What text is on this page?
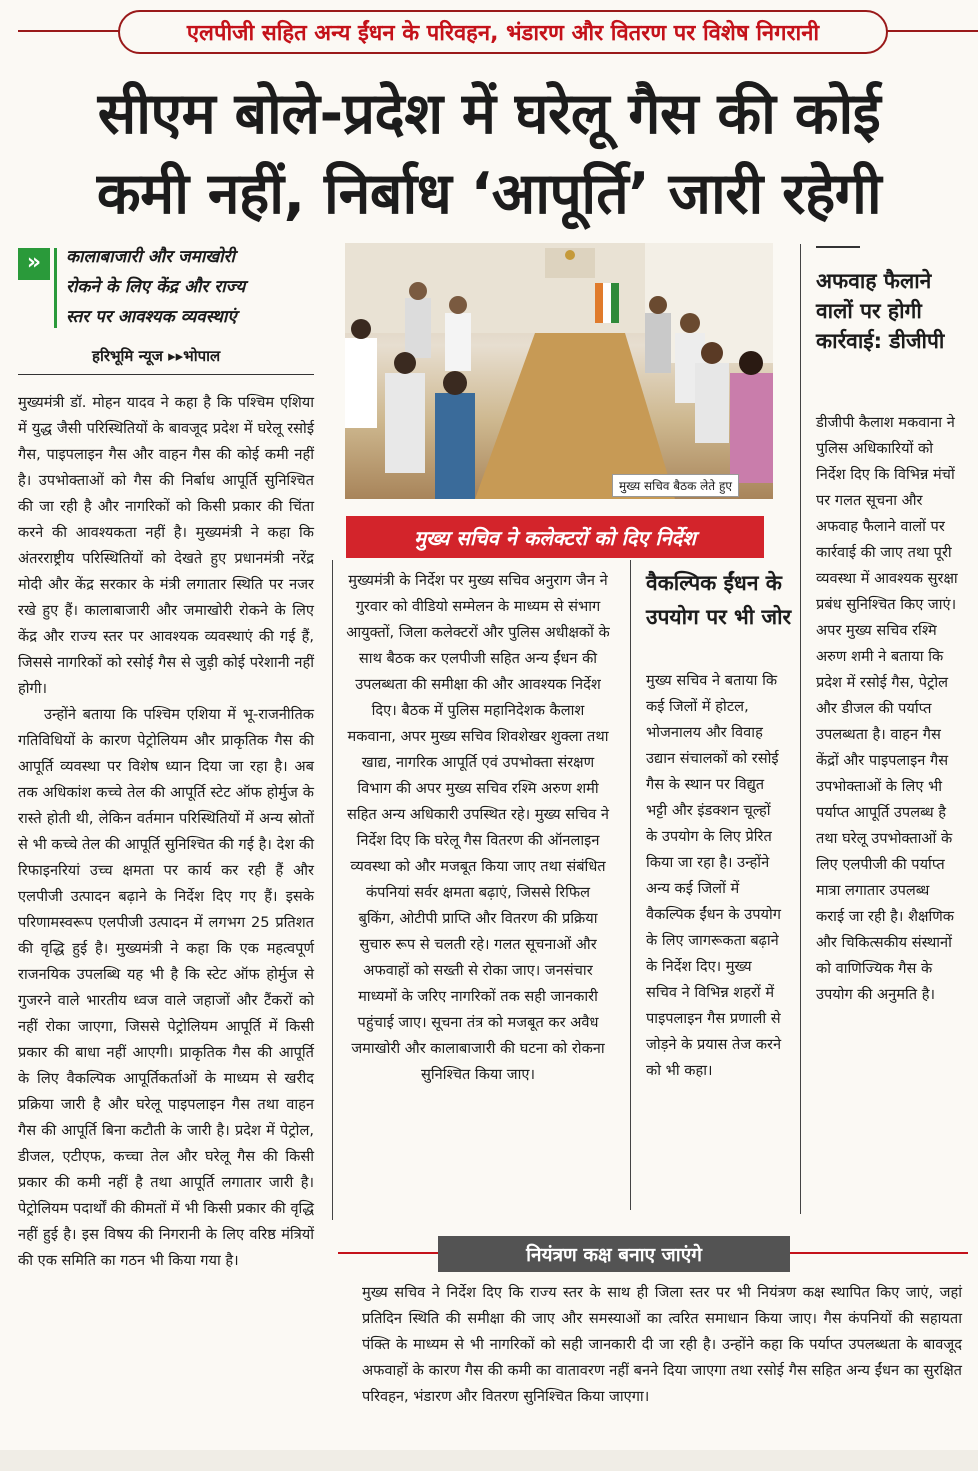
एलपीजी सहित अन्य ईंधन के परिवहन, भंडारण और वितरण पर विशेष निगरानी
सीएम बोले-प्रदेश में घरेलू गैस की कोई
कमी नहीं, निर्बाध ‘आपूर्ति’ जारी रहेगी
»	कालाबाजारी और जमाखोरी
रोकने के लिए केंद्र और राज्य
स्तर पर आवश्यक व्यवस्थाएं
हरिभूमि न्यूज ▸▸भोपाल
मुख्यमंत्री डॉ. मोहन यादव ने कहा है कि पश्चिम एशिया में युद्ध जैसी परिस्थितियों के बावजूद प्रदेश में घरेलू रसोई गैस, पाइपलाइन गैस और वाहन गैस की कोई कमी नहीं है। उपभोक्ताओं को गैस की निर्बाध आपूर्ति सुनिश्चित की जा रही है और नागरिकों को किसी प्रकार की चिंता करने की आवश्यकता नहीं है। मुख्यमंत्री ने कहा कि अंतरराष्ट्रीय परिस्थितियों को देखते हुए प्रधानमंत्री नरेंद्र मोदी और केंद्र सरकार के मंत्री लगातार स्थिति पर नजर रखे हुए हैं। कालाबाजारी और जमाखोरी रोकने के लिए केंद्र और राज्य स्तर पर आवश्यक व्यवस्थाएं की गई हैं, जिससे नागरिकों को रसोई गैस से जुड़ी कोई परेशानी नहीं होगी।
उन्होंने बताया कि पश्चिम एशिया में भू-राजनीतिक गतिविधियों के कारण पेट्रोलियम और प्राकृतिक गैस की आपूर्ति व्यवस्था पर विशेष ध्यान दिया जा रहा है। अब तक अधिकांश कच्चे तेल की आपूर्ति स्टेट ऑफ होर्मुज के रास्ते होती थी, लेकिन वर्तमान परिस्थितियों में अन्य स्रोतों से भी कच्चे तेल की आपूर्ति सुनिश्चित की गई है। देश की रिफाइनरियां उच्च क्षमता पर कार्य कर रही हैं और एलपीजी उत्पादन बढ़ाने के निर्देश दिए गए हैं। इसके परिणामस्वरूप एलपीजी उत्पादन में लगभग 25 प्रतिशत की वृद्धि हुई है। मुख्यमंत्री ने कहा कि एक महत्वपूर्ण राजनयिक उपलब्धि यह भी है कि स्टेट ऑफ होर्मुज से गुजरने वाले भारतीय ध्वज वाले जहाजों और टैंकरों को नहीं रोका जाएगा, जिससे पेट्रोलियम आपूर्ति में किसी प्रकार की बाधा नहीं आएगी। प्राकृतिक गैस की आपूर्ति के लिए वैकल्पिक आपूर्तिकर्ताओं के माध्यम से खरीद प्रक्रिया जारी है और घरेलू पाइपलाइन गैस तथा वाहन गैस की आपूर्ति बिना कटौती के जारी है। प्रदेश में पेट्रोल, डीजल, एटीएफ, कच्चा तेल और घरेलू गैस की किसी प्रकार की कमी नहीं है तथा आपूर्ति लगातार जारी है। पेट्रोलियम पदार्थों की कीमतों में भी किसी प्रकार की वृद्धि नहीं हुई है। इस विषय की निगरानी के लिए वरिष्ठ मंत्रियों की एक समिति का गठन भी किया गया है।
मुख्य सचिव बैठक लेते हुए
मुख्य सचिव ने कलेक्टरों को दिए निर्देश
मुख्यमंत्री के निर्देश पर मुख्य सचिव अनुराग जैन ने गुरवार को वीडियो सम्मेलन के माध्यम से संभाग आयुक्तों, जिला कलेक्टरों और पुलिस अधीक्षकों के साथ बैठक कर एलपीजी सहित अन्य ईंधन की उपलब्धता की समीक्षा की और आवश्यक निर्देश दिए। बैठक में पुलिस महानिदेशक कैलाश मकवाना, अपर मुख्य सचिव शिवशेखर शुक्ला तथा खाद्य, नागरिक आपूर्ति एवं उपभोक्ता संरक्षण विभाग की अपर मुख्य सचिव रश्मि अरुण शमी सहित अन्य अधिकारी उपस्थित रहे। मुख्य सचिव ने निर्देश दिए कि घरेलू गैस वितरण की ऑनलाइन व्यवस्था को और मजबूत किया जाए तथा संबंधित कंपनियां सर्वर क्षमता बढ़ाएं, जिससे रिफिल बुकिंग, ओटीपी प्राप्ति और वितरण की प्रक्रिया सुचारु रूप से चलती रहे। गलत सूचनाओं और अफवाहों को सख्ती से रोका जाए। जनसंचार माध्यमों के जरिए नागरिकों तक सही जानकारी पहुंचाई जाए। सूचना तंत्र को मजबूत कर अवैध जमाखोरी और कालाबाजारी की घटना को रोकना सुनिश्चित किया जाए।
वैकल्पिक ईंधन के उपयोग पर भी जोर
मुख्य सचिव ने बताया कि कई जिलों में होटल, भोजनालय और विवाह उद्यान संचालकों को रसोई गैस के स्थान पर विद्युत भट्टी और इंडक्शन चूल्हों के उपयोग के लिए प्रेरित किया जा रहा है। उन्होंने अन्य कई जिलों में वैकल्पिक ईंधन के उपयोग के लिए जागरूकता बढ़ाने के निर्देश दिए। मुख्य सचिव ने विभिन्न शहरों में पाइपलाइन गैस प्रणाली से जोड़ने के प्रयास तेज करने को भी कहा।
अफवाह फैलाने वालों पर होगी कार्रवाई: डीजीपी
डीजीपी कैलाश मकवाना ने पुलिस अधिकारियों को निर्देश दिए कि विभिन्न मंचों पर गलत सूचना और अफवाह फैलाने वालों पर कार्रवाई की जाए तथा पूरी व्यवस्था में आवश्यक सुरक्षा प्रबंध सुनिश्चित किए जाएं। अपर मुख्य सचिव रश्मि अरुण शमी ने बताया कि प्रदेश में रसोई गैस, पेट्रोल और डीजल की पर्याप्त उपलब्धता है। वाहन गैस केंद्रों और पाइपलाइन गैस उपभोक्ताओं के लिए भी पर्याप्त आपूर्ति उपलब्ध है तथा घरेलू उपभोक्ताओं के लिए एलपीजी की पर्याप्त मात्रा लगातार उपलब्ध कराई जा रही है। शैक्षणिक और चिकित्सकीय संस्थानों को वाणिज्यिक गैस के उपयोग की अनुमति है।
नियंत्रण कक्ष बनाए जाएंगे
मुख्य सचिव ने निर्देश दिए कि राज्य स्तर के साथ ही जिला स्तर पर भी नियंत्रण कक्ष स्थापित किए जाएं, जहां प्रतिदिन स्थिति की समीक्षा की जाए और समस्याओं का त्वरित समाधान किया जाए। गैस कंपनियों की सहायता पंक्ति के माध्यम से भी नागरिकों को सही जानकारी दी जा रही है। उन्होंने कहा कि पर्याप्त उपलब्धता के बावजूद अफवाहों के कारण गैस की कमी का वातावरण नहीं बनने दिया जाएगा तथा रसोई गैस सहित अन्य ईंधन का सुरक्षित परिवहन, भंडारण और वितरण सुनिश्चित किया जाएगा।
